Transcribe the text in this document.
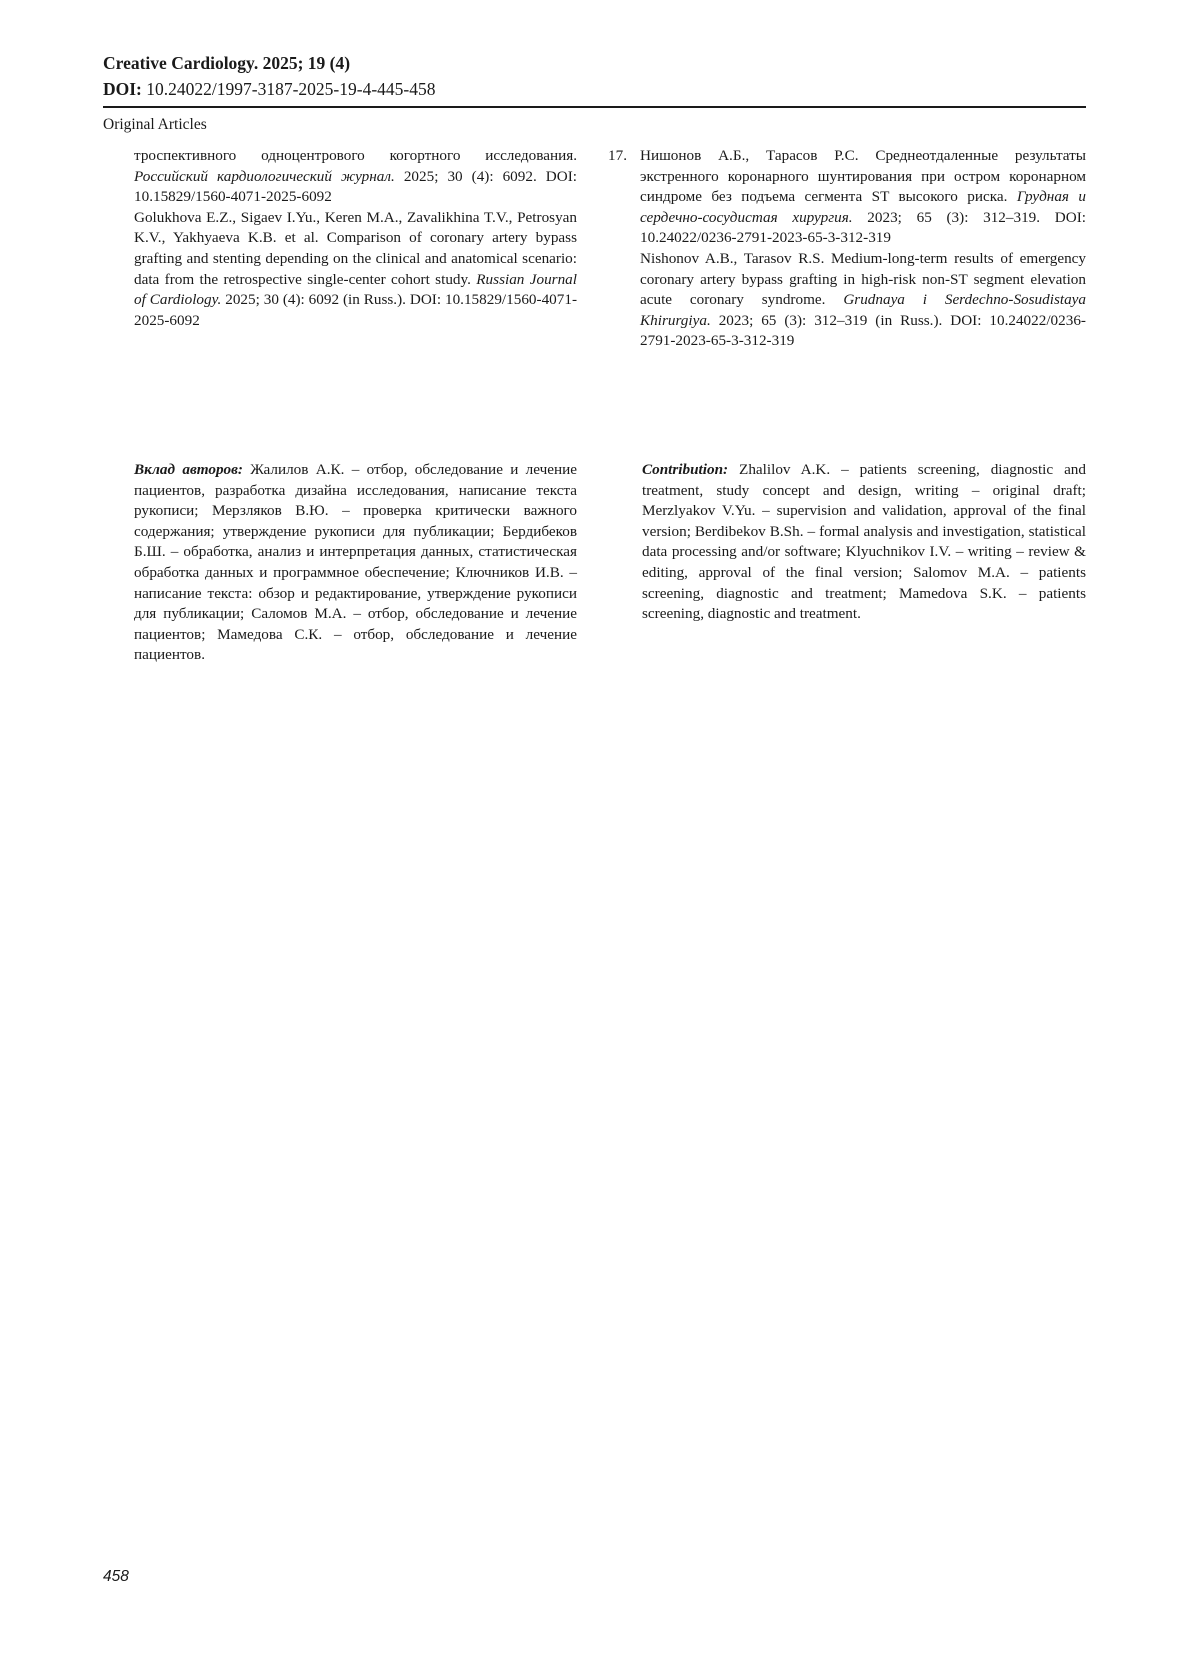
Creative Cardiology. 2025; 19 (4)
DOI: 10.24022/1997-3187-2025-19-4-445-458
Original Articles

троспективного одноцентрового когортного исследования. Российский кардиологический журнал. 2025; 30 (4): 6092. DOI: 10.15829/1560-4071-2025-6092

Golukhova E.Z., Sigaev I.Yu., Keren M.A., Zavalikhina T.V., Petrosyan K.V., Yakhyaeva K.B. et al. Comparison of coronary artery bypass grafting and stenting depending on the clinical and anatomical scenario: data from the retrospective single-center cohort study. Russian Journal of Cardiology. 2025; 30 (4): 6092 (in Russ.). DOI: 10.15829/1560-4071-2025-6092

17. Нишонов А.Б., Тарасов Р.С. Среднеотдаленные результаты экстренного коронарного шунтирования при остром коронарном синдроме без подъема сегмента ST высокого риска. Грудная и сердечно-сосудистая хирургия. 2023; 65 (3): 312–319. DOI: 10.24022/0236-2791-2023-65-3-312-319

Nishonov A.B., Tarasov R.S. Medium-long-term results of emergency coronary artery bypass grafting in high-risk non-ST segment elevation acute coronary syndrome. Grudnaya i Serdechno-Sosudistaya Khirurgiya. 2023; 65 (3): 312–319 (in Russ.). DOI: 10.24022/0236-2791-2023-65-3-312-319

Вклад авторов: Жалилов А.К. – отбор, обследование и лечение пациентов, разработка дизайна исследования, написание текста рукописи; Мерзляков В.Ю. – проверка критически важного содержания; утверждение рукописи для публикации; Бердибеков Б.Ш. – обработка, анализ и интерпретация данных, статистическая обработка данных и программное обеспечение; Ключников И.В. – написание текста: обзор и редактирование, утверждение рукописи для публикации; Саломов М.А. – отбор, обследование и лечение пациентов; Мамедова С.К. – отбор, обследование и лечение пациентов.

Contribution: Zhalilov A.K. – patients screening, diagnostic and treatment, study concept and design, writing – original draft; Merzlyakov V.Yu. – supervision and validation, approval of the final version; Berdibekov B.Sh. – formal analysis and investigation, statistical data processing and/or software; Klyuchnikov I.V. – writing – review & editing, approval of the final version; Salomov M.A. – patients screening, diagnostic and treatment; Mamedova S.K. – patients screening, diagnostic and treatment.

458
